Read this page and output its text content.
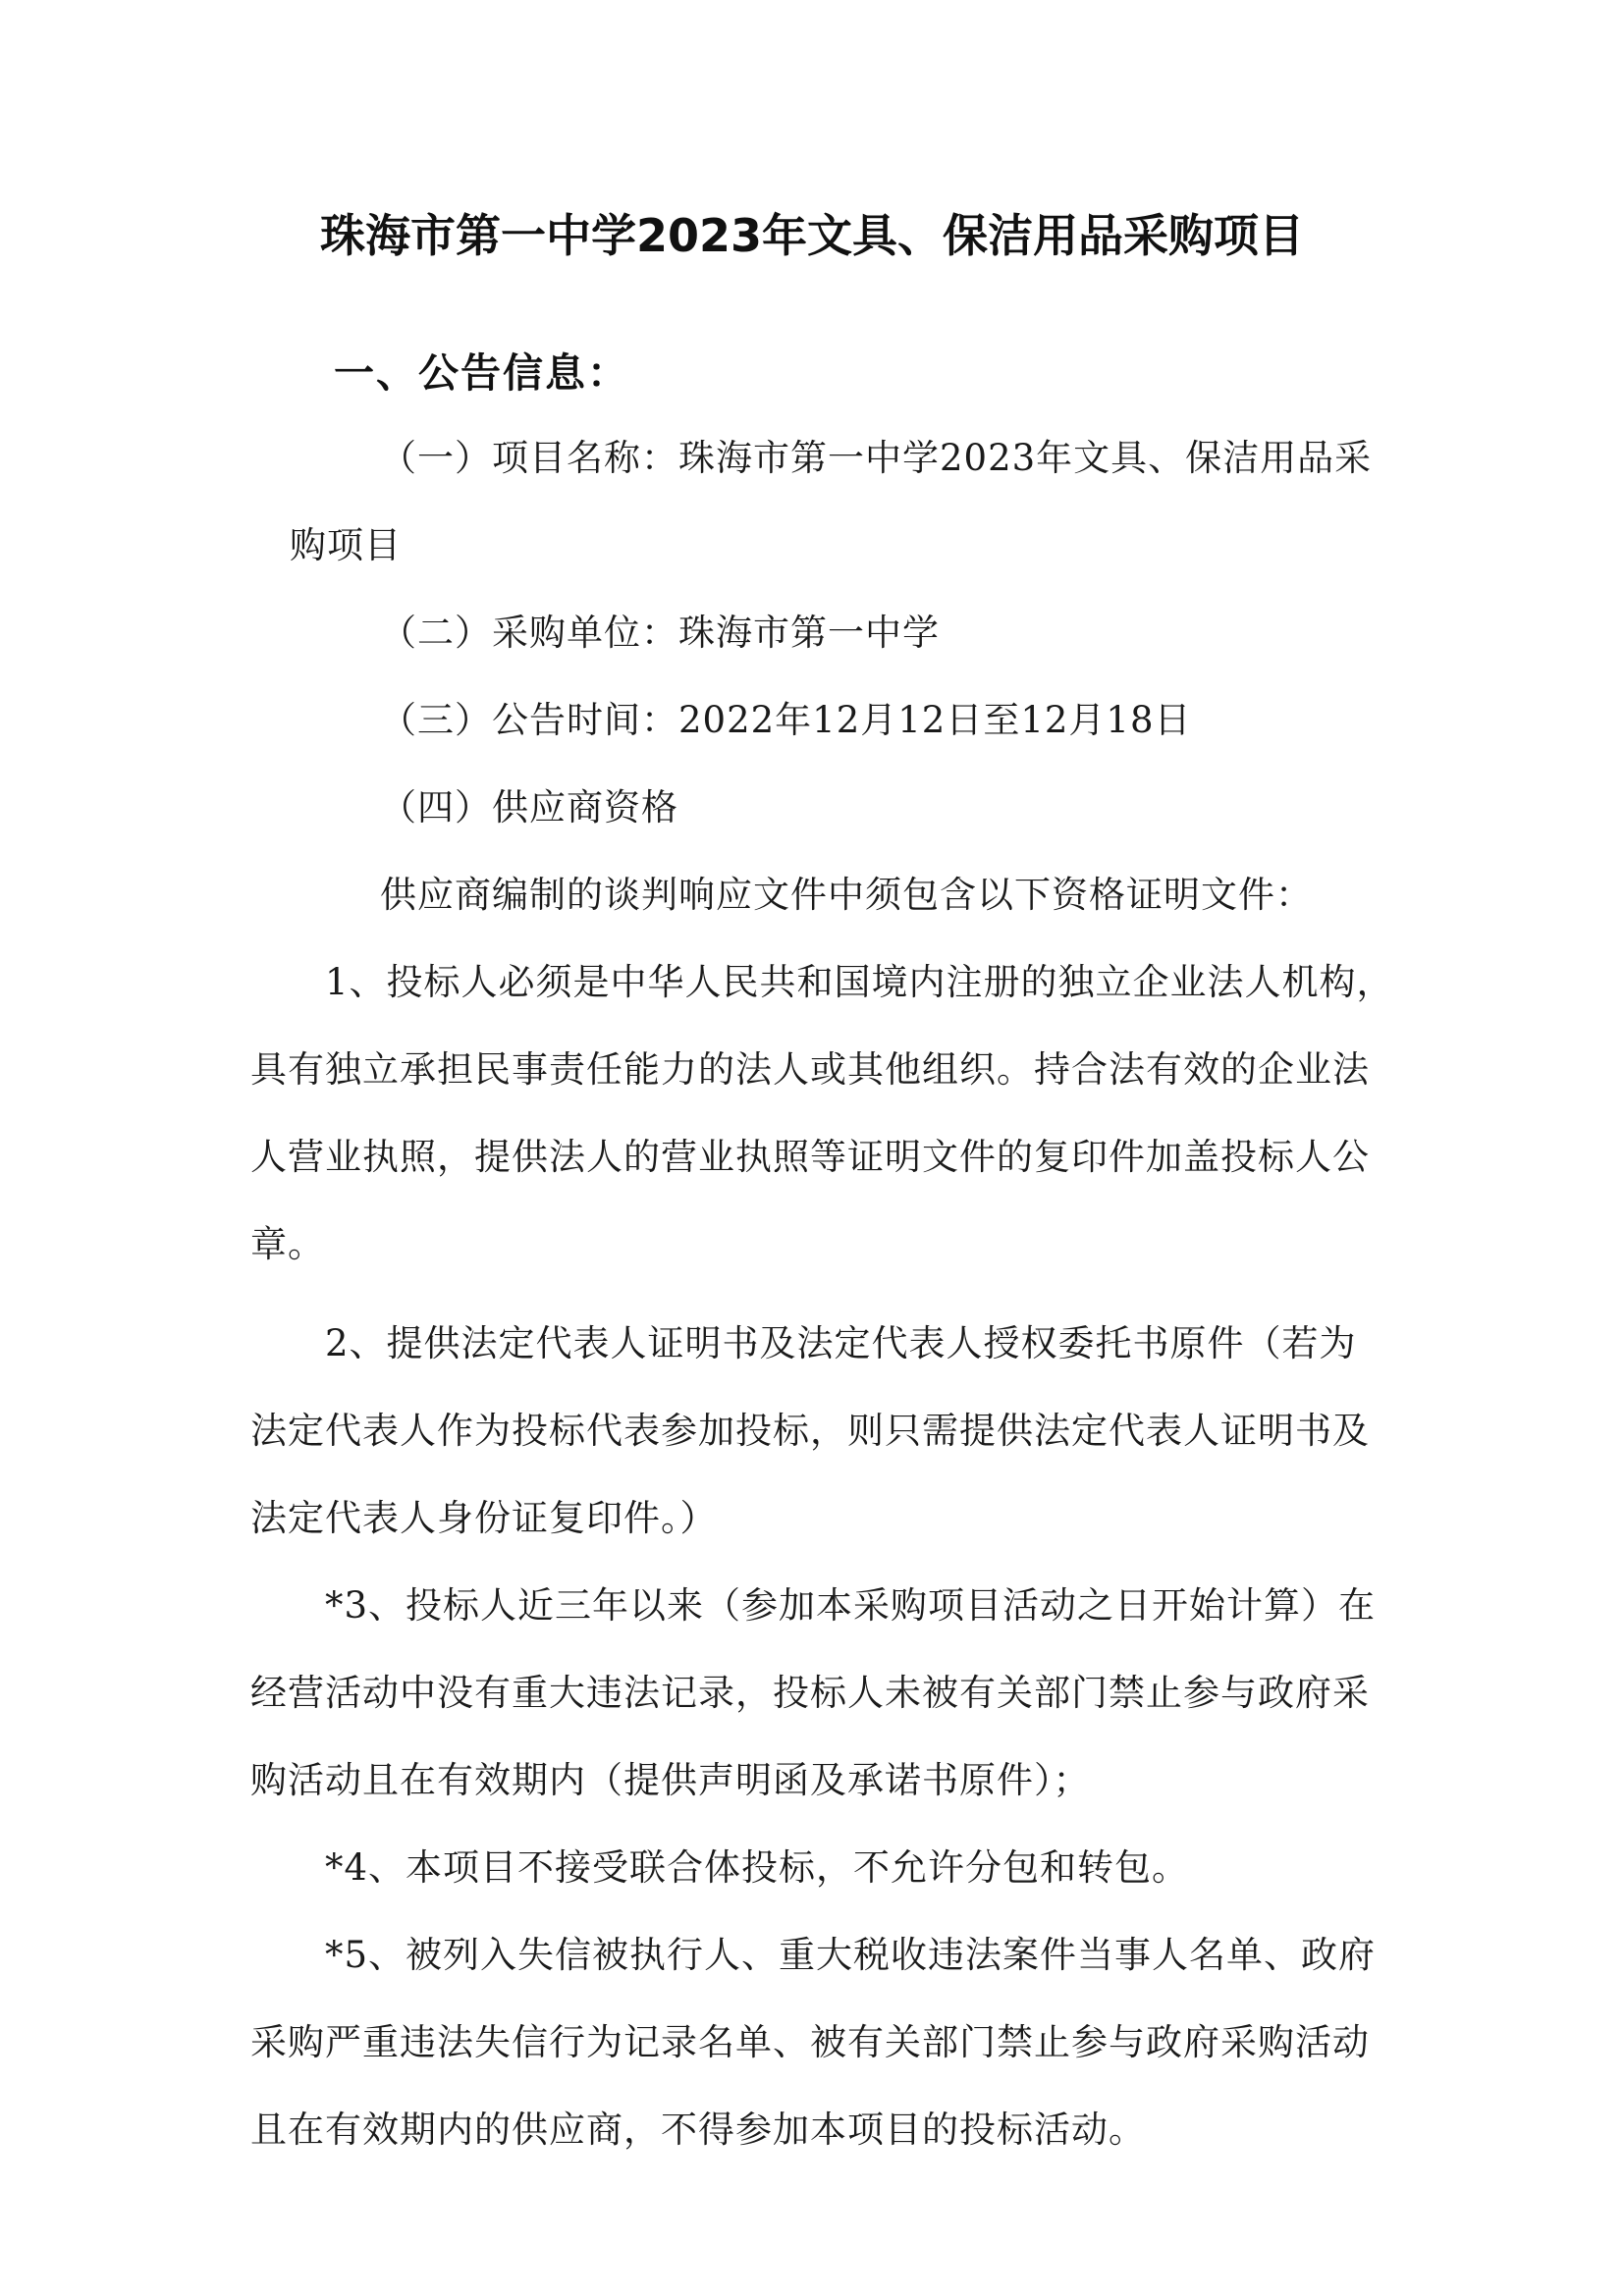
珠海市第一中学2023年文具、保洁用品采购项目
一、公告信息：
（一）项目名称：珠海市第一中学2023年文具、保洁用品采
购项目
（二）采购单位：珠海市第一中学
（三）公告时间：2022年12月12日至12月18日
（四）供应商资格
供应商编制的谈判响应文件中须包含以下资格证明文件：
1、投标人必须是中华人民共和国境内注册的独立企业法人机构，
具有独立承担民事责任能力的法人或其他组织。持合法有效的企业法
人营业执照，提供法人的营业执照等证明文件的复印件加盖投标人公
章。
2、提供法定代表人证明书及法定代表人授权委托书原件（若为
法定代表人作为投标代表参加投标，则只需提供法定代表人证明书及
法定代表人身份证复印件。）
*3、投标人近三年以来（参加本采购项目活动之日开始计算）在
经营活动中没有重大违法记录，投标人未被有关部门禁止参与政府采
购活动且在有效期内（提供声明函及承诺书原件）；
*4、本项目不接受联合体投标，不允许分包和转包。
*5、被列入失信被执行人、重大税收违法案件当事人名单、政府
采购严重违法失信行为记录名单、被有关部门禁止参与政府采购活动
且在有效期内的供应商，不得参加本项目的投标活动。
